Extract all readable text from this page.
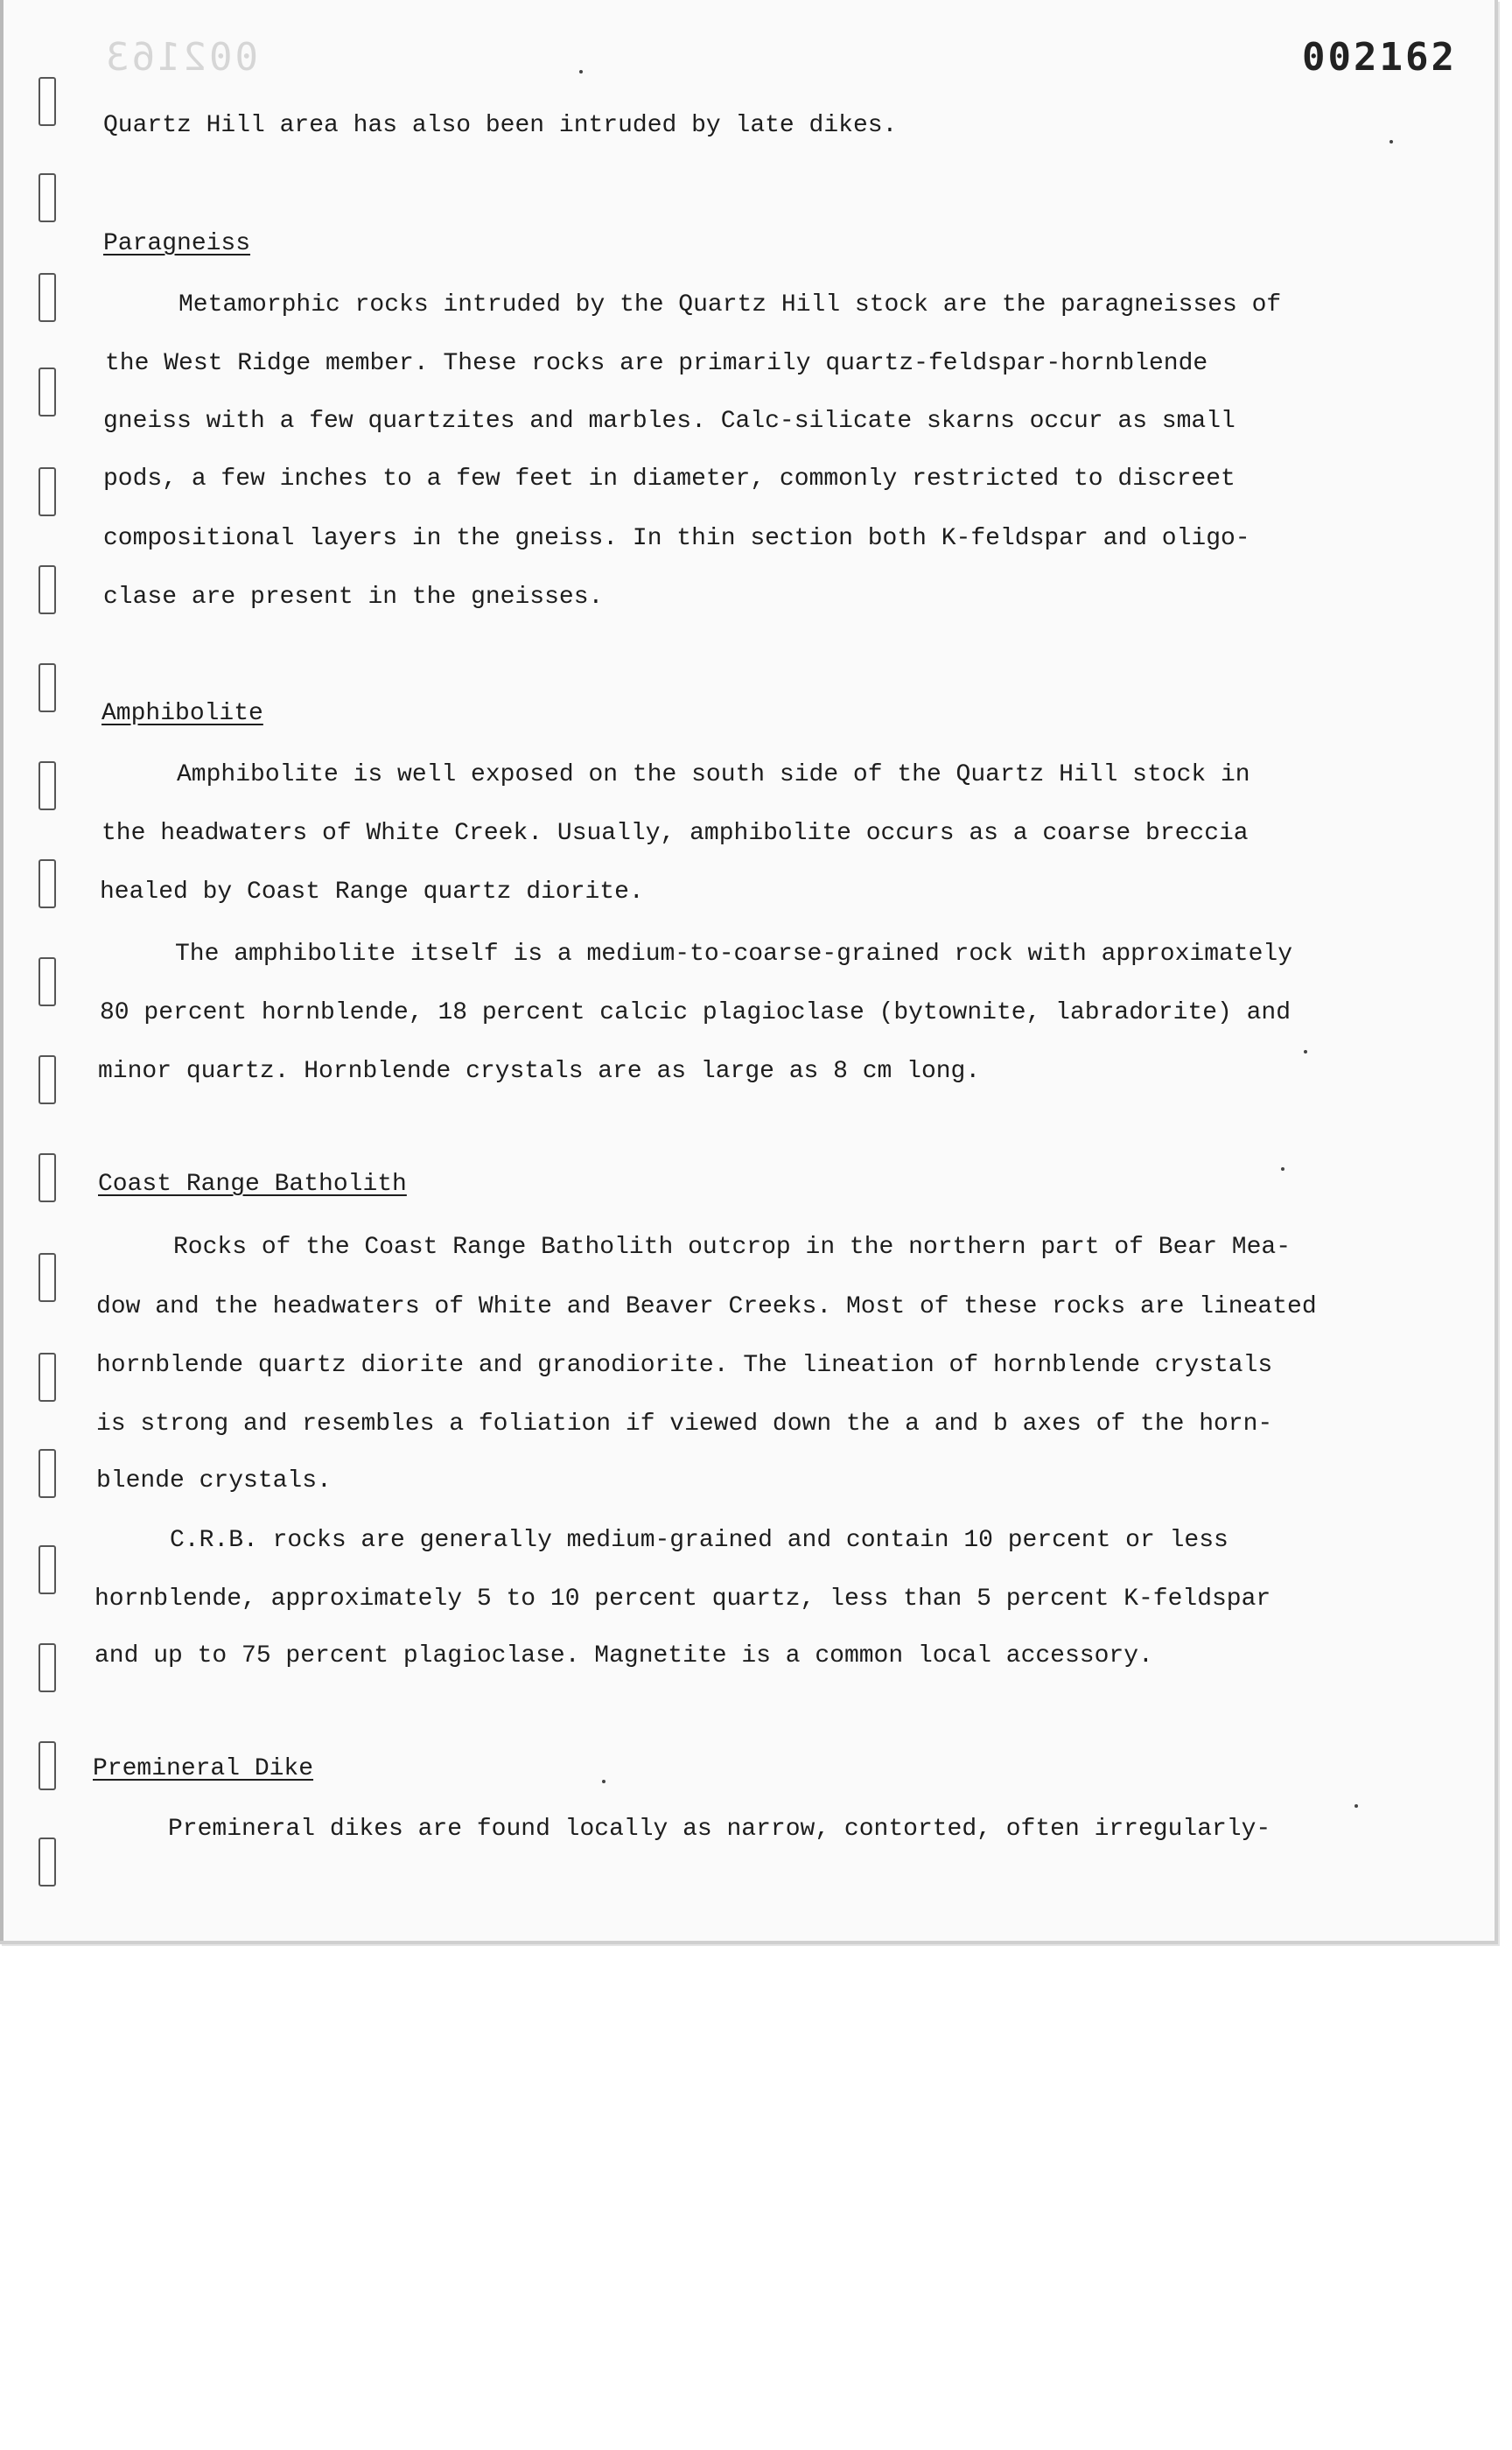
002163	002162
Quartz Hill area has also been intruded by late dikes.
Paragneiss
Metamorphic rocks intruded by the Quartz Hill stock are the paragneisses of
the West Ridge member. These rocks are primarily quartz-feldspar-hornblende
gneiss with a few quartzites and marbles. Calc-silicate skarns occur as small
pods, a few inches to a few feet in diameter, commonly restricted to discreet
compositional layers in the gneiss. In thin section both K-feldspar and oligo-
clase are present in the gneisses.
Amphibolite
Amphibolite is well exposed on the south side of the Quartz Hill stock in
the headwaters of White Creek. Usually, amphibolite occurs as a coarse breccia
healed by Coast Range quartz diorite.
The amphibolite itself is a medium-to-coarse-grained rock with approximately
80 percent hornblende, 18 percent calcic plagioclase (bytownite, labradorite) and
minor quartz. Hornblende crystals are as large as 8 cm long.
Coast Range Batholith
Rocks of the Coast Range Batholith outcrop in the northern part of Bear Mea-
dow and the headwaters of White and Beaver Creeks. Most of these rocks are lineated
hornblende quartz diorite and granodiorite. The lineation of hornblende crystals
is strong and resembles a foliation if viewed down the a and b axes of the horn-
blende crystals.
C.R.B. rocks are generally medium-grained and contain 10 percent or less
hornblende, approximately 5 to 10 percent quartz, less than 5 percent K-feldspar
and up to 75 percent plagioclase. Magnetite is a common local accessory.
Premineral Dike
Premineral dikes are found locally as narrow, contorted, often irregularly-
